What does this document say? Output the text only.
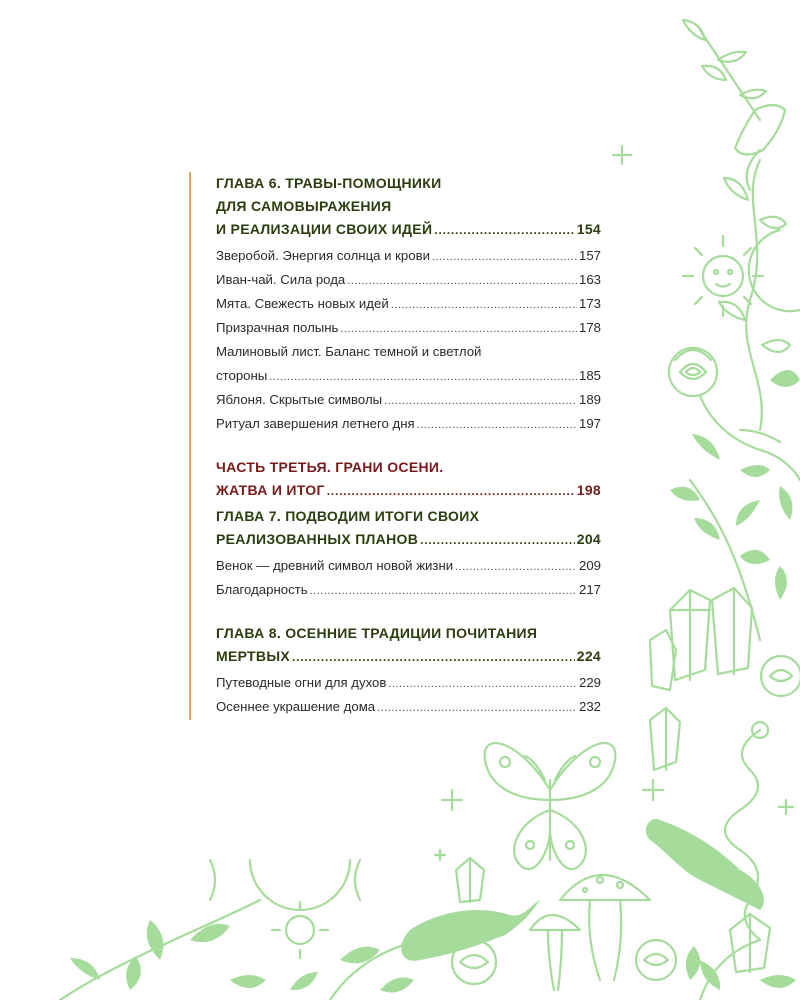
ГЛАВА 6. ТРАВЫ-ПОМОЩНИКИ
ДЛЯ САМОВЫРАЖЕНИЯ
И РЕАЛИЗАЦИИ СВОИХ ИДЕЙ .....	154
Зверобой. Энергия солнца и крови .....	157
Иван-чай. Сила рода .....	163
Мята. Свежесть новых идей .....	173
Призрачная полынь .....	178
Малиновый лист. Баланс темной и светлой
стороны .....	185
Яблоня. Скрытые символы .....	189
Ритуал завершения летнего дня .....	197
ЧАСТЬ ТРЕТЬЯ. ГРАНИ ОСЕНИ.
ЖАТВА И ИТОГ .....	198
ГЛАВА 7. ПОДВОДИМ ИТОГИ СВОИХ
РЕАЛИЗОВАННЫХ ПЛАНОВ .....	204
Венок — древний символ новой жизни .....	209
Благодарность .....	217
ГЛАВА 8. ОСЕННИЕ ТРАДИЦИИ ПОЧИТАНИЯ
МЕРТВЫХ .....	224
Путеводные огни для духов .....	229
Осеннее украшение дома .....	232
